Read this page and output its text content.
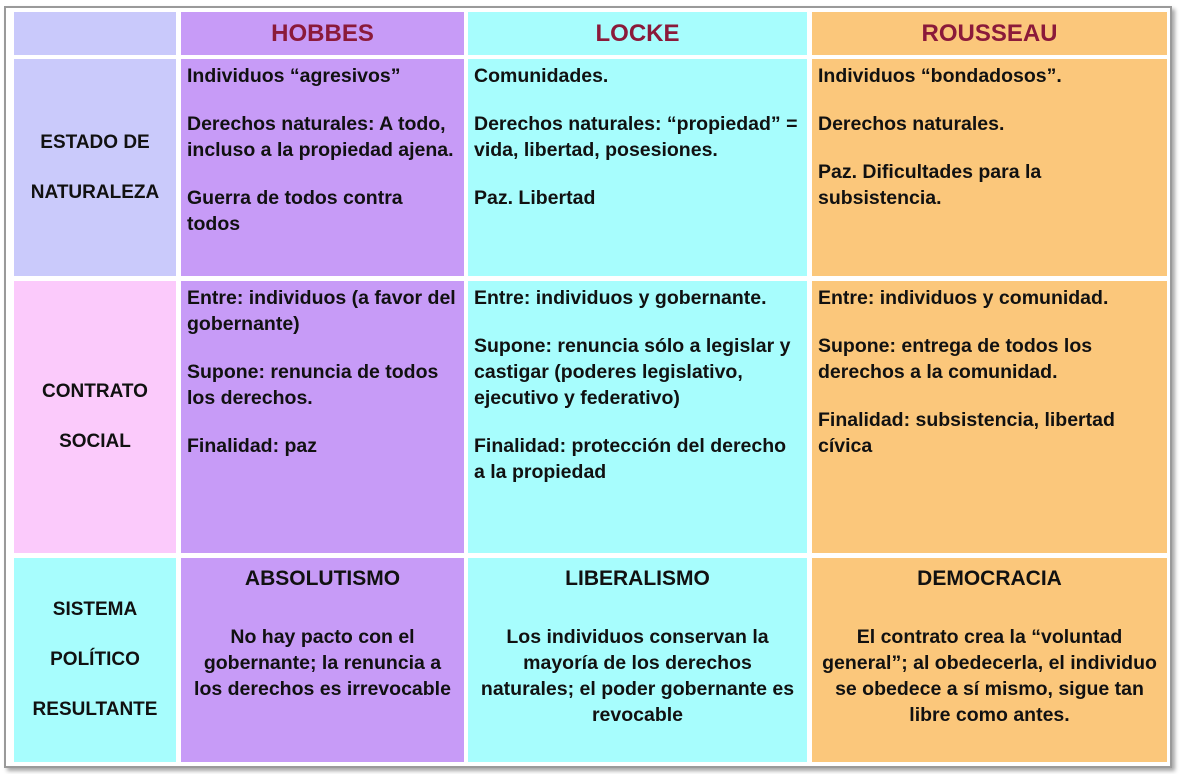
HOBBES	LOCKE	ROUSSEAU
ESTADO DE
NATURALEZA

Individuos “agresivos”

Derechos naturales: A todo, incluso a la propiedad ajena.

Guerra de todos contra todos

Comunidades.

Derechos naturales: “propiedad” = vida, libertad, posesiones.

Paz. Libertad

Individuos “bondadosos”.

Derechos naturales.

Paz. Dificultades para la subsistencia.

CONTRATO
SOCIAL

Entre: individuos (a favor del gobernante)

Supone: renuncia de todos los derechos.

Finalidad: paz

Entre: individuos y gobernante.

Supone: renuncia sólo a legislar y castigar (poderes legislativo, ejecutivo y federativo)

Finalidad: protección del derecho a la propiedad

Entre: individuos y comunidad.

Supone: entrega de todos los derechos a la comunidad.

Finalidad: subsistencia, libertad cívica

SISTEMA
POLÍTICO
RESULTANTE
ABSOLUTISMO
No hay pacto con el gobernante; la renuncia a los derechos es irrevocable
LIBERALISMO
Los individuos conservan la mayoría de los derechos naturales; el poder gobernante es revocable
DEMOCRACIA
El contrato crea la “voluntad general”; al obedecerla, el individuo se obedece a sí mismo, sigue tan libre como antes.
